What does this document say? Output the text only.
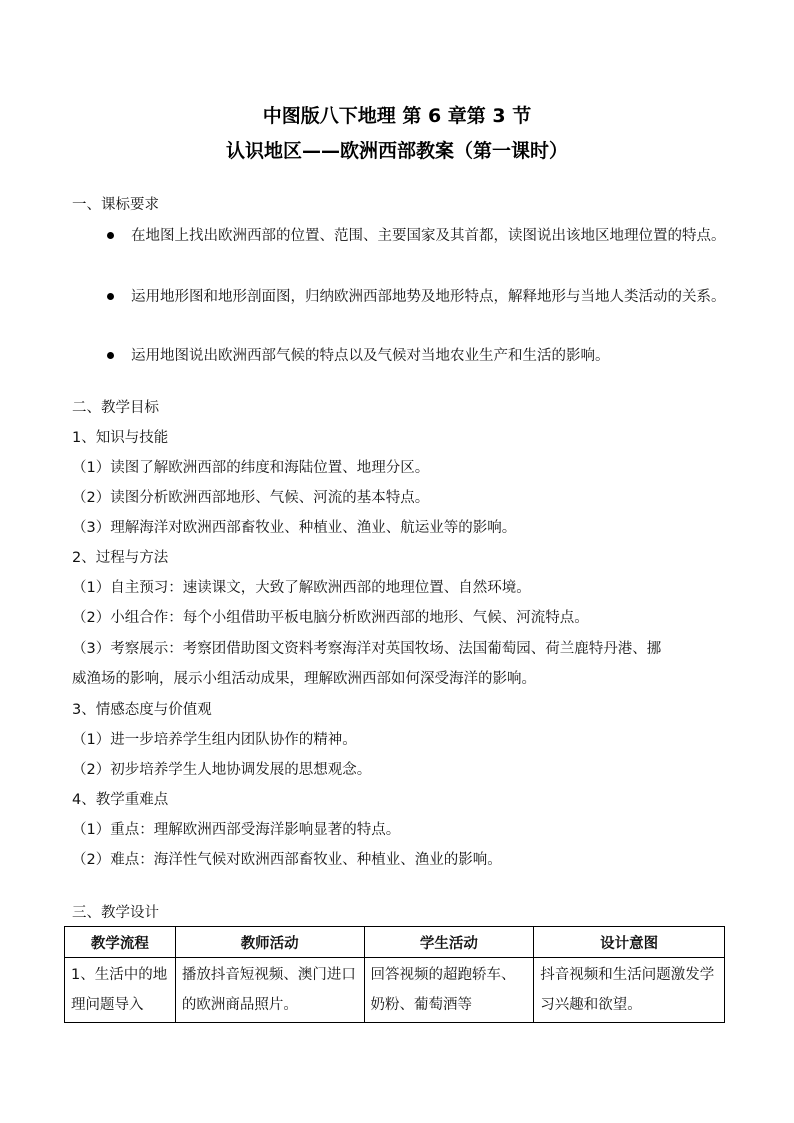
中图版八下地理 第 6 章第 3 节
认识地区——欧洲西部教案（第一课时）
一、课标要求
在地图上找出欧洲西部的位置、范围、主要国家及其首都，读图说出该地区地理位置的特点。
运用地形图和地形剖面图，归纳欧洲西部地势及地形特点，解释地形与当地人类活动的关系。
运用地图说出欧洲西部气候的特点以及气候对当地农业生产和生活的影响。
二、教学目标
1、知识与技能
（1）读图了解欧洲西部的纬度和海陆位置、地理分区。
（2）读图分析欧洲西部地形、气候、河流的基本特点。
（3）理解海洋对欧洲西部畜牧业、种植业、渔业、航运业等的影响。
2、过程与方法
（1）自主预习：速读课文，大致了解欧洲西部的地理位置、自然环境。
（2）小组合作：每个小组借助平板电脑分析欧洲西部的地形、气候、河流特点。
（3）考察展示：考察团借助图文资料考察海洋对英国牧场、法国葡萄园、荷兰鹿特丹港、挪
威渔场的影响，展示小组活动成果，理解欧洲西部如何深受海洋的影响。
3、情感态度与价值观
（1）进一步培养学生组内团队协作的精神。
（2）初步培养学生人地协调发展的思想观念。
4、教学重难点
（1）重点：理解欧洲西部受海洋影响显著的特点。
（2）难点：海洋性气候对欧洲西部畜牧业、种植业、渔业的影响。
三、教学设计
教学流程	教师活动	学生活动	设计意图
1、生活中的地理问题导入	播放抖音短视频、澳门进口的欧洲商品照片。	回答视频的超跑轿车、奶粉、葡萄酒等	抖音视频和生活问题激发学习兴趣和欲望。
